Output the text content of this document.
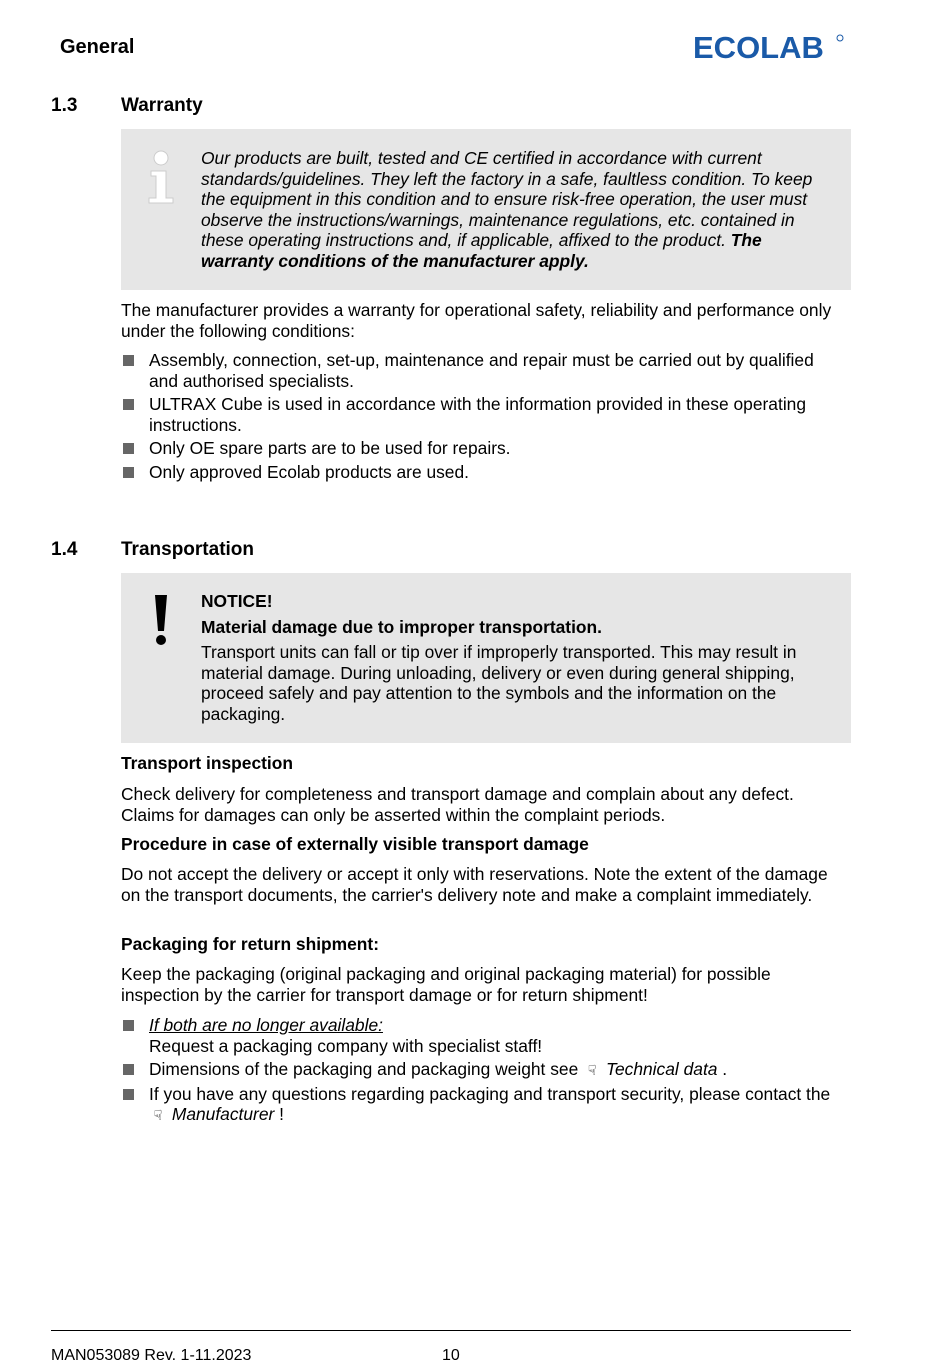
General	ECOLAB
1.3 Warranty
Our products are built, tested and CE certified in accordance with current standards/guidelines. They left the factory in a safe, faultless condition. To keep the equipment in this condition and to ensure risk-free operation, the user must observe the instructions/warnings, maintenance regulations, etc. contained in these operating instructions and, if applicable, affixed to the product. The warranty conditions of the manufacturer apply.
The manufacturer provides a warranty for operational safety, reliability and performance only under the following conditions:
Assembly, connection, set-up, maintenance and repair must be carried out by qualified and authorised specialists.
ULTRAX Cube is used in accordance with the information provided in these operating instructions.
Only OE spare parts are to be used for repairs.
Only approved Ecolab products are used.
1.4 Transportation
NOTICE!
Material damage due to improper transportation.
Transport units can fall or tip over if improperly transported. This may result in material damage. During unloading, delivery or even during general shipping, proceed safely and pay attention to the symbols and the information on the packaging.
Transport inspection
Check delivery for completeness and transport damage and complain about any defect. Claims for damages can only be asserted within the complaint periods.
Procedure in case of externally visible transport damage
Do not accept the delivery or accept it only with reservations. Note the extent of the damage on the transport documents, the carrier's delivery note and make a complaint immediately.
Packaging for return shipment:
Keep the packaging (original packaging and original packaging material) for possible inspection by the carrier for transport damage or for return shipment!
If both are no longer available:
Request a packaging company with specialist staff!
Dimensions of the packaging and packaging weight see ☟ Technical data .
If you have any questions regarding packaging and transport security, please contact the ☟ Manufacturer !
MAN053089 Rev. 1-11.2023	10
